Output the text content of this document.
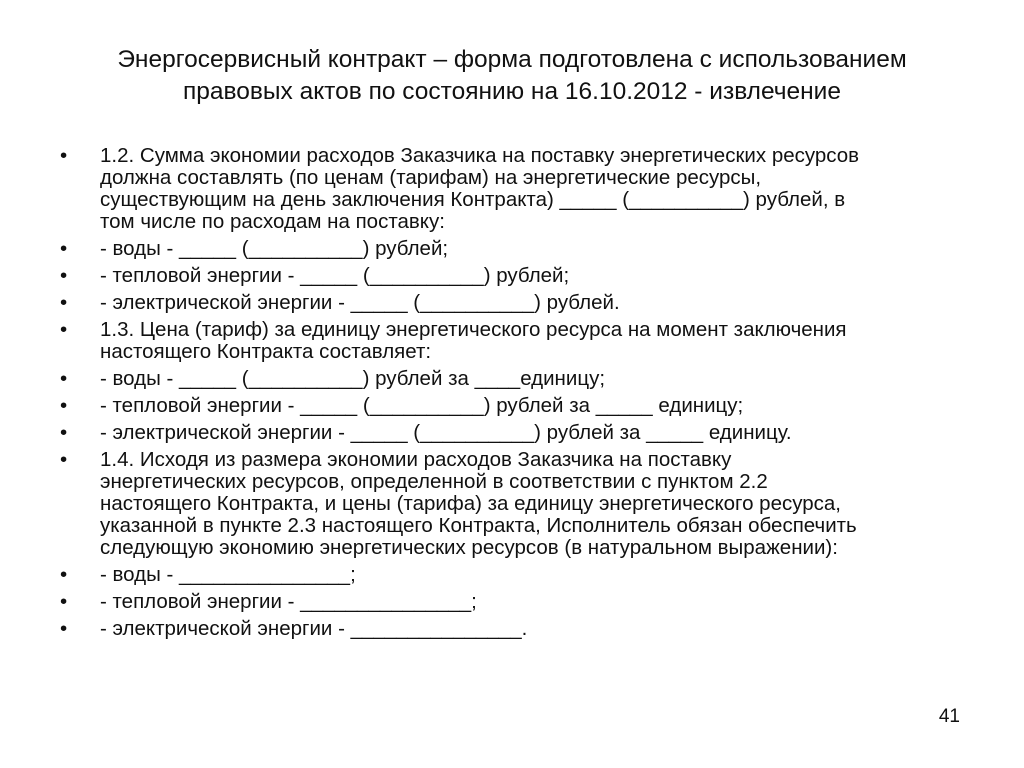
Энергосервисный контракт – форма подготовлена с использованием
правовых актов по состоянию на 16.10.2012 - извлечение
• 1.2. Сумма экономии расходов Заказчика на поставку энергетических ресурсов
должна составлять (по ценам (тарифам) на энергетические ресурсы,
существующим на день заключения Контракта) _____ (__________) рублей, в
том числе по расходам на поставку:
• - воды - _____ (__________) рублей;
• - тепловой энергии - _____ (__________) рублей;
• - электрической энергии - _____ (__________) рублей.
• 1.3. Цена (тариф) за единицу энергетического ресурса на момент заключения
настоящего Контракта составляет:
• - воды - _____ (__________) рублей за ____единицу;
• - тепловой энергии - _____ (__________) рублей за _____ единицу;
• - электрической энергии - _____ (__________) рублей за _____ единицу.
• 1.4. Исходя из размера экономии расходов Заказчика на поставку
энергетических ресурсов, определенной в соответствии с пунктом 2.2
настоящего Контракта, и цены (тарифа) за единицу энергетического ресурса,
указанной в пункте 2.3 настоящего Контракта, Исполнитель обязан обеспечить
следующую экономию энергетических ресурсов (в натуральном выражении):
• - воды - _______________;
• - тепловой энергии - _______________;
• - электрической энергии - _______________.
41
